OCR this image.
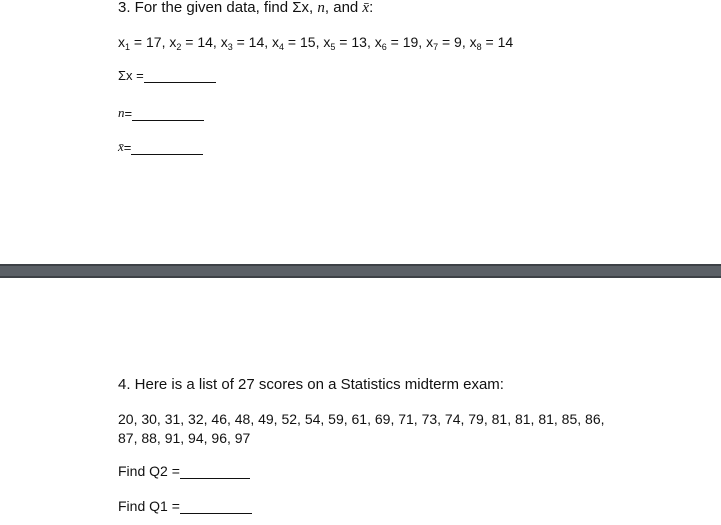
3. For the given data, find Σx, n, and x̄:
$x_1 = 17$, $x_2 = 14$, $x_3 = 14$, $x_4 = 15$, $x_5 = 13$, $x_6 = 19$, $x_7 = 9$, $x_8 = 14$
Σx =
n =
x̄ =
4. Here is a list of 27 scores on a Statistics midterm exam:
20, 30, 31, 32, 46, 48, 49, 52, 54, 59, 61, 69, 71, 73, 74, 79, 81, 81, 81, 85, 86,
87, 88, 91, 94, 96, 97
Find Q2 =
Find Q1 =
